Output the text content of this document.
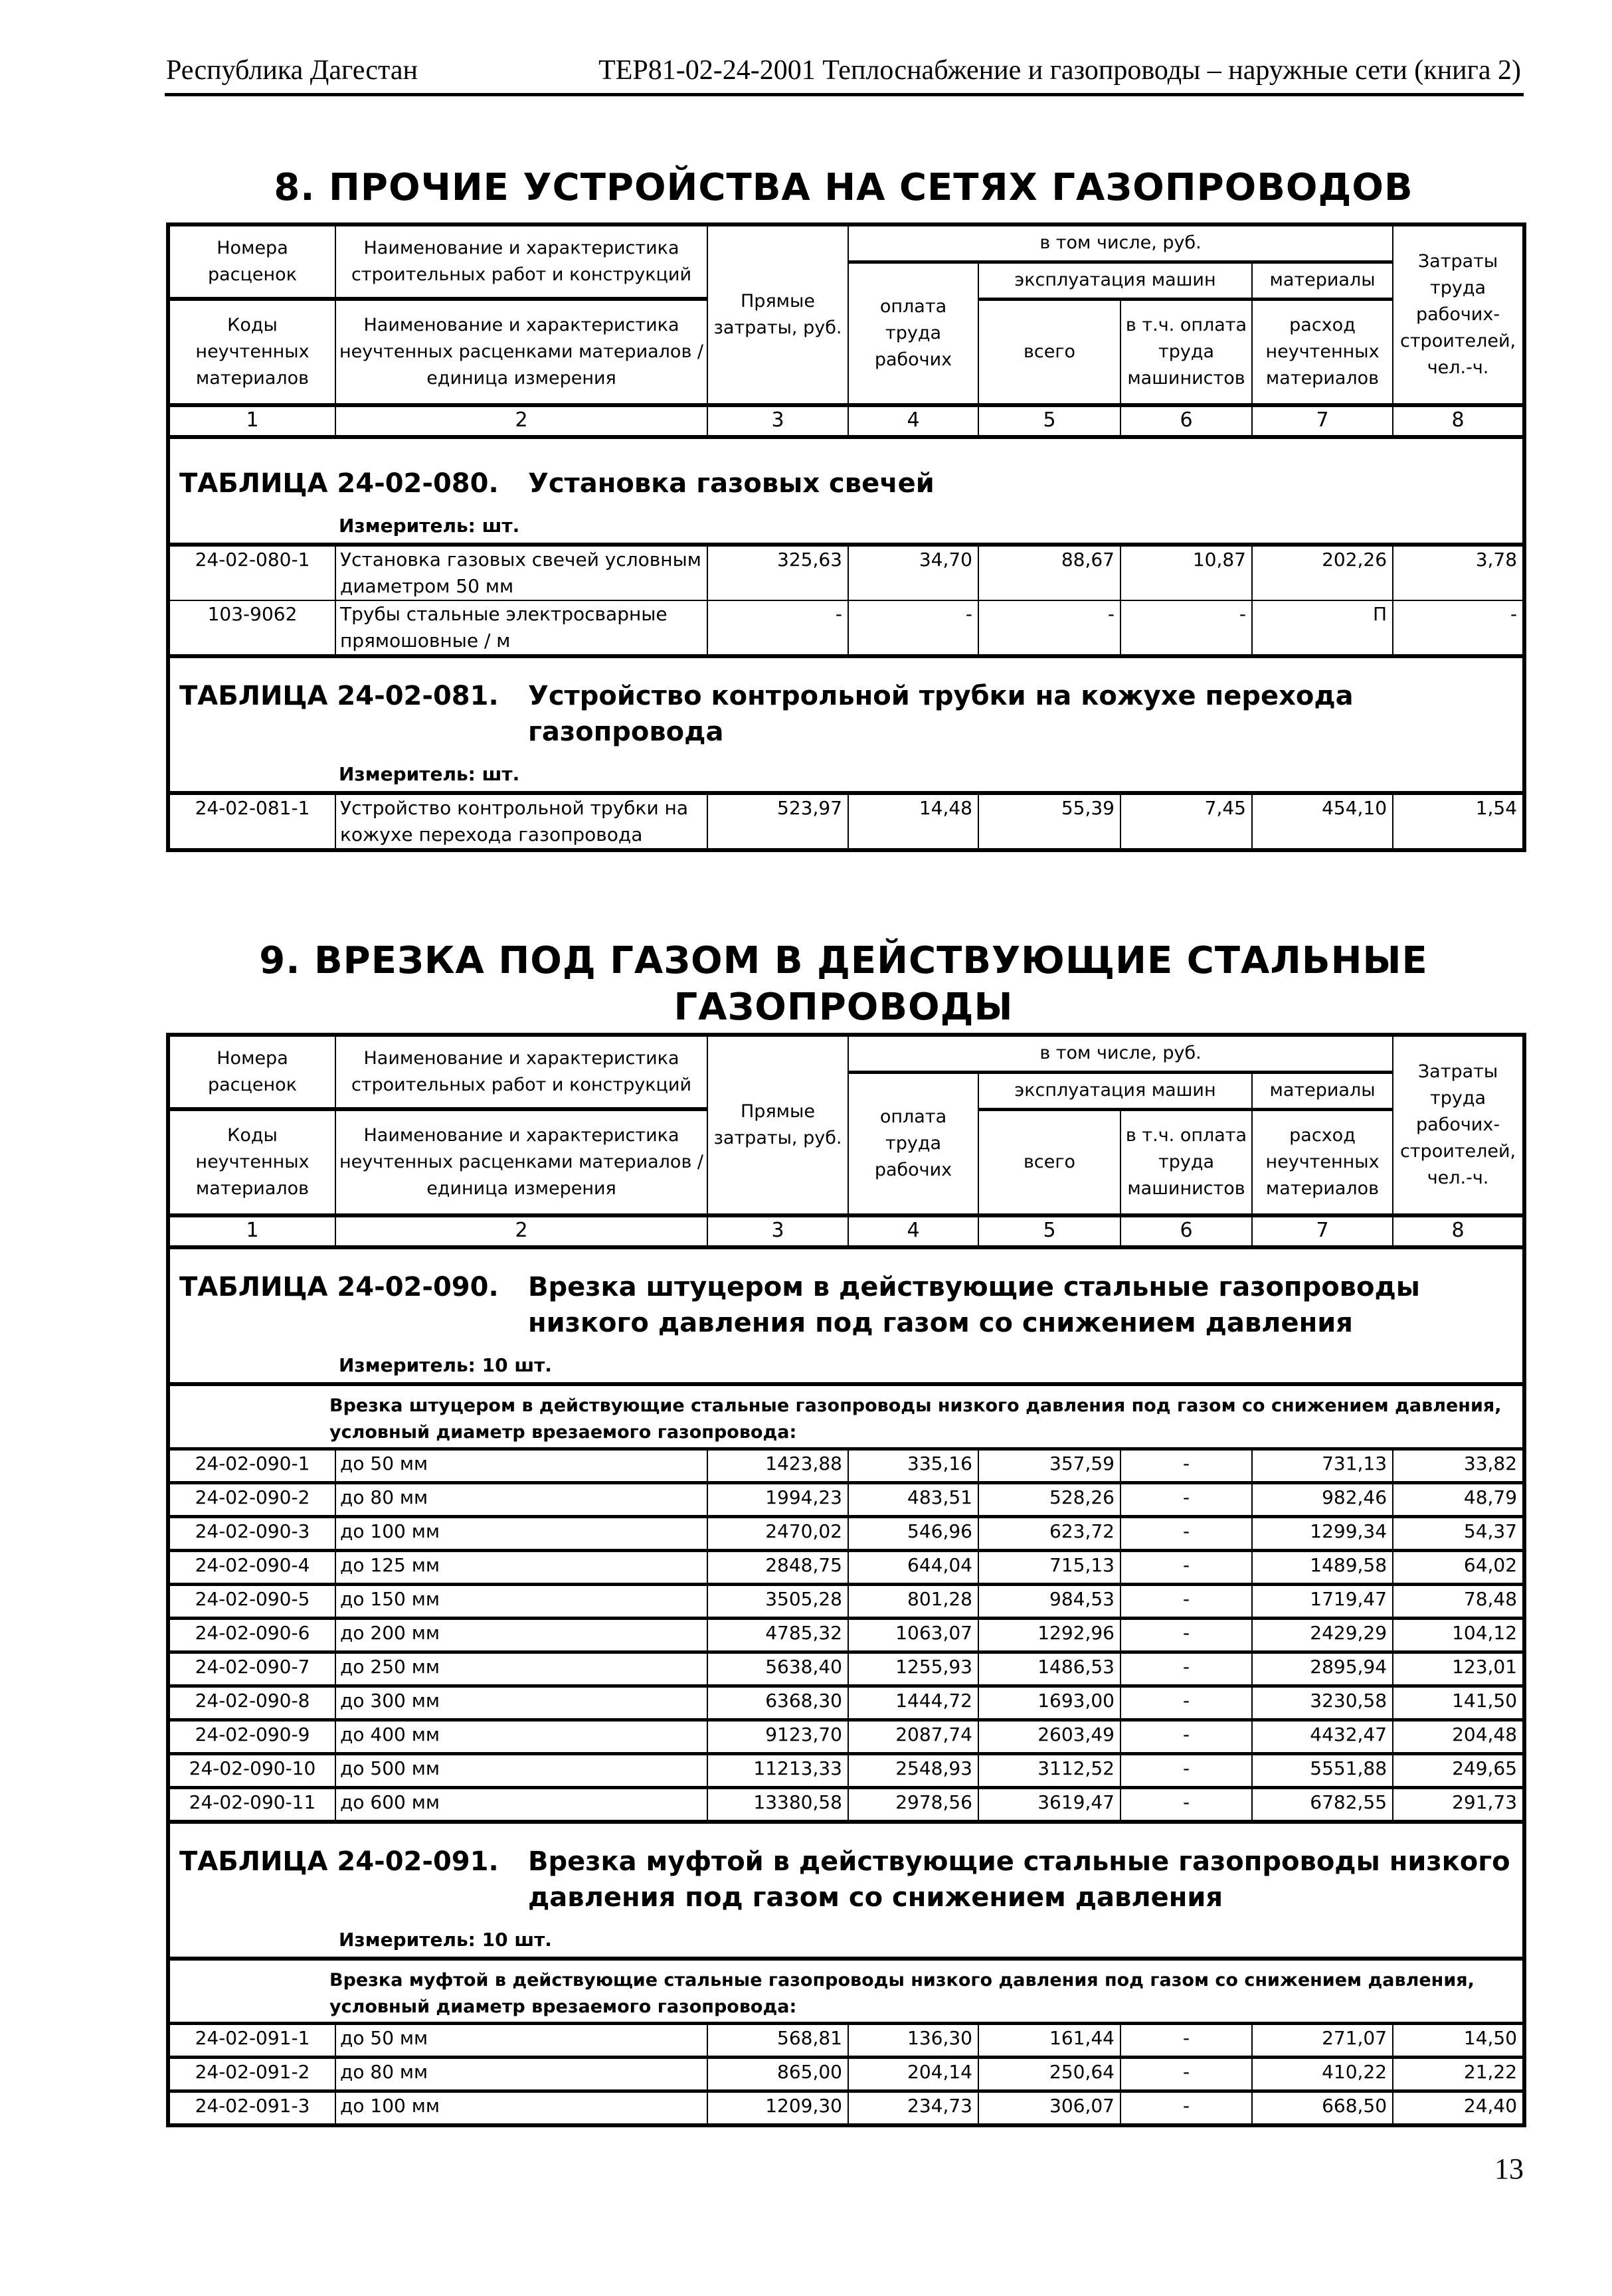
Республика Дагестан	ТЕР81-02-24-2001 Теплоснабжение и газопроводы – наружные сети (книга 2)
8. ПРОЧИЕ УСТРОЙСТВА НА СЕТЯХ ГАЗОПРОВОДОВ
Номера расценок	Наименование и характеристика строительных работ и конструкций	Прямые затраты, руб.	в том числе, руб.				Затраты труда рабочих-строителей, чел.-ч.
			оплата труда рабочих	эксплуатация машин		материалы	
Коды неучтенных материалов	Наименование и характеристика неучтенных расценками материалов / единица измерения			всего	в т.ч. оплата труда машинистов	расход неучтенных материалов	

1	2	3	4	5	6	7	8

ТАБЛИЦА 24-02-080. Установка газовых свечей
Измеритель: шт.							

24-02-080-1	Установка газовых свечей условным диаметром 50 мм	325,63	34,70	88,67	10,87	202,26	3,78
103-9062	Трубы стальные электросварные прямошовные / м	-	-	-	-	П	-

ТАБЛИЦА 24-02-081. Устройство контрольной трубки на кожухе перехода газопровода
Измеритель: шт.							

24-02-081-1	Устройство контрольной трубки на кожухе перехода газопровода	523,97	14,48	55,39	7,45	454,10	1,54
9. ВРЕЗКА ПОД ГАЗОМ В ДЕЙСТВУЮЩИЕ СТАЛЬНЫЕ ГАЗОПРОВОДЫ
Номера расценок	Наименование и характеристика строительных работ и конструкций	Прямые затраты, руб.	в том числе, руб.				Затраты труда рабочих-строителей, чел.-ч.
			оплата труда рабочих	эксплуатация машин		материалы	
Коды неучтенных материалов	Наименование и характеристика неучтенных расценками материалов / единица измерения			всего	в т.ч. оплата труда машинистов	расход неучтенных материалов	

1	2	3	4	5	6	7	8

ТАБЛИЦА 24-02-090. Врезка штуцером в действующие стальные газопроводы низкого давления под газом со снижением давления
Измеритель: 10 шт.							

Врезка штуцером в действующие стальные газопроводы низкого давления под газом со снижением давления, условный диаметр врезаемого газопровода:							
24-02-090-1	до 50 мм	1423,88	335,16	357,59	-	731,13	33,82
24-02-090-2	до 80 мм	1994,23	483,51	528,26	-	982,46	48,79
24-02-090-3	до 100 мм	2470,02	546,96	623,72	-	1299,34	54,37
24-02-090-4	до 125 мм	2848,75	644,04	715,13	-	1489,58	64,02
24-02-090-5	до 150 мм	3505,28	801,28	984,53	-	1719,47	78,48
24-02-090-6	до 200 мм	4785,32	1063,07	1292,96	-	2429,29	104,12
24-02-090-7	до 250 мм	5638,40	1255,93	1486,53	-	2895,94	123,01
24-02-090-8	до 300 мм	6368,30	1444,72	1693,00	-	3230,58	141,50
24-02-090-9	до 400 мм	9123,70	2087,74	2603,49	-	4432,47	204,48
24-02-090-10	до 500 мм	11213,33	2548,93	3112,52	-	5551,88	249,65
24-02-090-11	до 600 мм	13380,58	2978,56	3619,47	-	6782,55	291,73

ТАБЛИЦА 24-02-091. Врезка муфтой в действующие стальные газопроводы низкого давления под газом со снижением давления
Измеритель: 10 шт.							

Врезка муфтой в действующие стальные газопроводы низкого давления под газом со снижением давления, условный диаметр врезаемого газопровода:							
24-02-091-1	до 50 мм	568,81	136,30	161,44	-	271,07	14,50
24-02-091-2	до 80 мм	865,00	204,14	250,64	-	410,22	21,22
24-02-091-3	до 100 мм	1209,30	234,73	306,07	-	668,50	24,40
13
